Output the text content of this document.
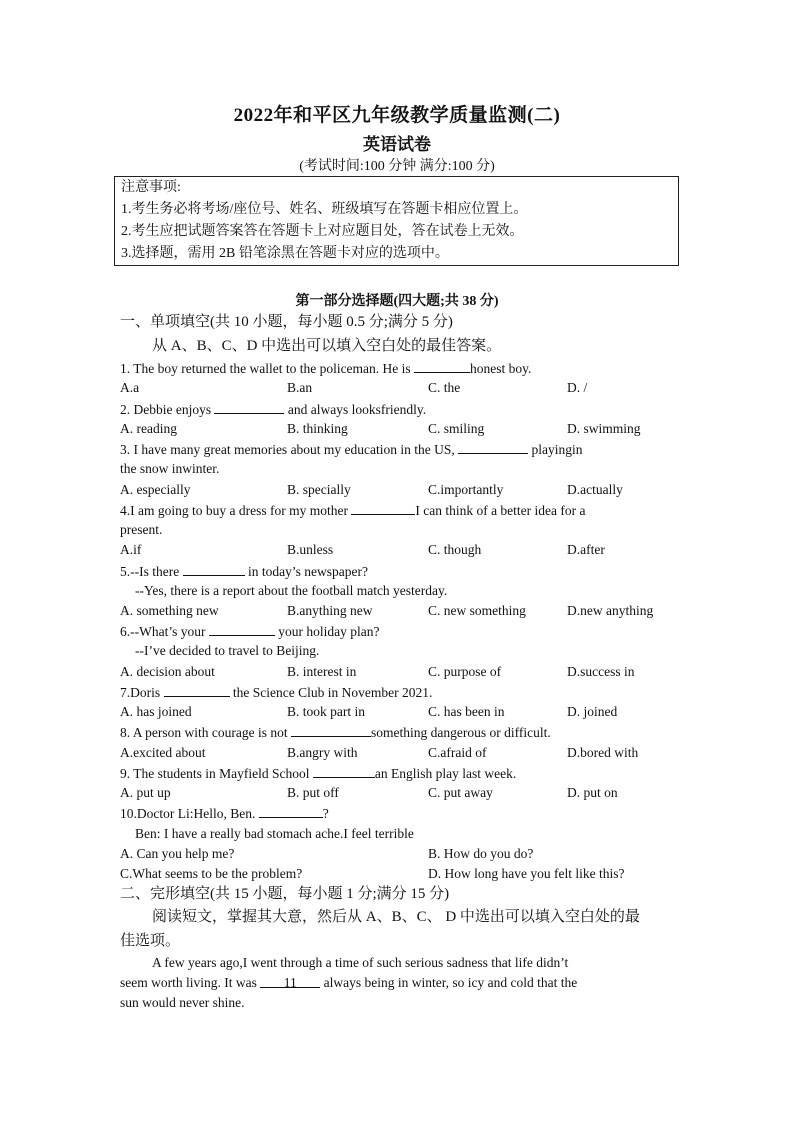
2022年和平区九年级教学质量监测(二)
英语试卷
(考试时间:100 分钟 满分:100 分)
注意事项:
1.考生务必将考场/座位号、姓名、班级填写在答题卡相应位置上。
2.考生应把试题答案答在答题卡上对应题目处，答在试卷上无效。
3.选择题，需用 2B 铅笔涂黑在答题卡对应的选项中。
第一部分选择题(四大题;共 38 分)
一、单项填空(共 10 小题，每小题 0.5 分;满分 5 分)
从 A、B、C、D 中选出可以填入空白处的最佳答案。
1. The boy returned the wallet to the policeman. He is	honest boy.
A.a	B.an	C. the	D. /
2. Debbie enjoys	and always looksfriendly.
A. reading	B. thinking	C. smiling	D. swimming
3. I have many great memories about my education in the US,	playingin
the snow inwinter.
A. especially	B. specially	C.importantly	D.actually
4.I am going to buy a dress for my mother	I can think of a better idea for a
present.
A.if	B.unless	C. though	D.after
5.--Is there	in today’s newspaper?
--Yes, there is a report about the football match yesterday.
A. something new	B.anything new	C. new something	D.new anything
6.--What’s your	your holiday plan?
--I’ve decided to travel to Beijing.
A. decision about	B. interest in	C. purpose of	D.success in
7.Doris	the Science Club in November 2021.
A. has joined	B. took part in	C. has been in	D. joined
8. A person with courage is not	something dangerous or difficult.
A.excited about	B.angry with	C.afraid of	D.bored with
9. The students in Mayfield School	an English play last week.
A. put up	B. put off	C. put away	D. put on
10.Doctor Li:Hello, Ben.	?
Ben: I have a really bad stomach ache.I feel terrible
A. Can you help me?	B. How do you do?
C.What seems to be the problem?	D. How long have you felt like this?
二、完形填空(共 15 小题，每小题 1 分;满分 15 分)
阅读短文，掌握其大意，然后从 A、B、C、 D 中选出可以填入空白处的最
佳选项。
A few years ago,I went through a time of such serious sadness that life didn’t
seem worth living. It was 11 always being in winter, so icy and cold that the
sun would never shine.
